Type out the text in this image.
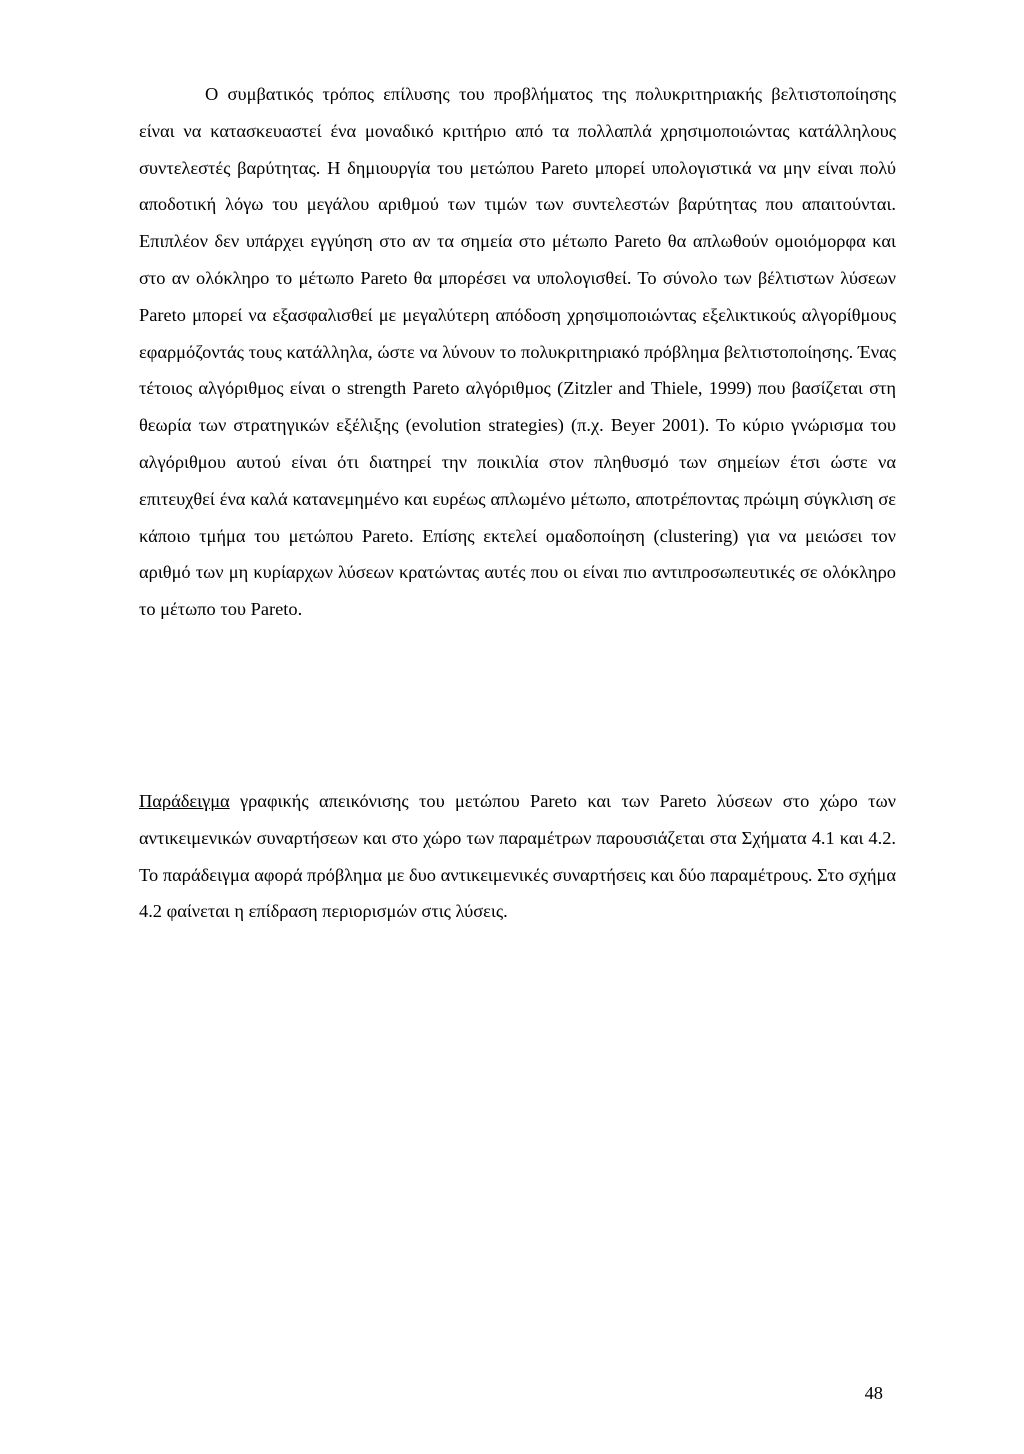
Ο συμβατικός τρόπος επίλυσης του προβλήματος της πολυκριτηριακής βελτιστοποίησης είναι να κατασκευαστεί ένα μοναδικό κριτήριο από τα πολλαπλά χρησιμοποιώντας κατάλληλους συντελεστές βαρύτητας. Η δημιουργία του μετώπου Pareto μπορεί υπολογιστικά να μην είναι πολύ αποδοτική λόγω του μεγάλου αριθμού των τιμών των συντελεστών βαρύτητας που απαιτούνται. Επιπλέον δεν υπάρχει εγγύηση στο αν τα σημεία στο μέτωπο Pareto θα απλωθούν ομοιόμορφα και στο αν ολόκληρο το μέτωπο Pareto θα μπορέσει να υπολογισθεί. Το σύνολο των βέλτιστων λύσεων Pareto μπορεί να εξασφαλισθεί με μεγαλύτερη απόδοση χρησιμοποιώντας εξελικτικούς αλγορίθμους εφαρμόζοντάς τους κατάλληλα, ώστε να λύνουν το πολυκριτηριακό πρόβλημα βελτιστοποίησης. Ένας τέτοιος αλγόριθμος είναι ο strength Pareto αλγόριθμος (Zitzler and Thiele, 1999) που βασίζεται στη θεωρία των στρατηγικών εξέλιξης (evolution strategies) (π.χ. Beyer 2001). Το κύριο γνώρισμα του αλγόριθμου αυτού είναι ότι διατηρεί την ποικιλία στον πληθυσμό των σημείων έτσι ώστε να επιτευχθεί ένα καλά κατανεμημένο και ευρέως απλωμένο μέτωπο, αποτρέποντας πρώιμη σύγκλιση σε κάποιο τμήμα του μετώπου Pareto. Επίσης εκτελεί ομαδοποίηση (clustering) για να μειώσει τον αριθμό των μη κυρίαρχων λύσεων κρατώντας αυτές που οι είναι πιο αντιπροσωπευτικές σε ολόκληρο το μέτωπο του Pareto.

Παράδειγμα γραφικής απεικόνισης του μετώπου Pareto και των Pareto λύσεων στο χώρο των αντικειμενικών συναρτήσεων και στο χώρο των παραμέτρων παρουσιάζεται στα Σχήματα 4.1 και 4.2. Το παράδειγμα αφορά πρόβλημα με δυο αντικειμενικές συναρτήσεις και δύο παραμέτρους. Στο σχήμα 4.2 φαίνεται η επίδραση περιορισμών στις λύσεις.

48
